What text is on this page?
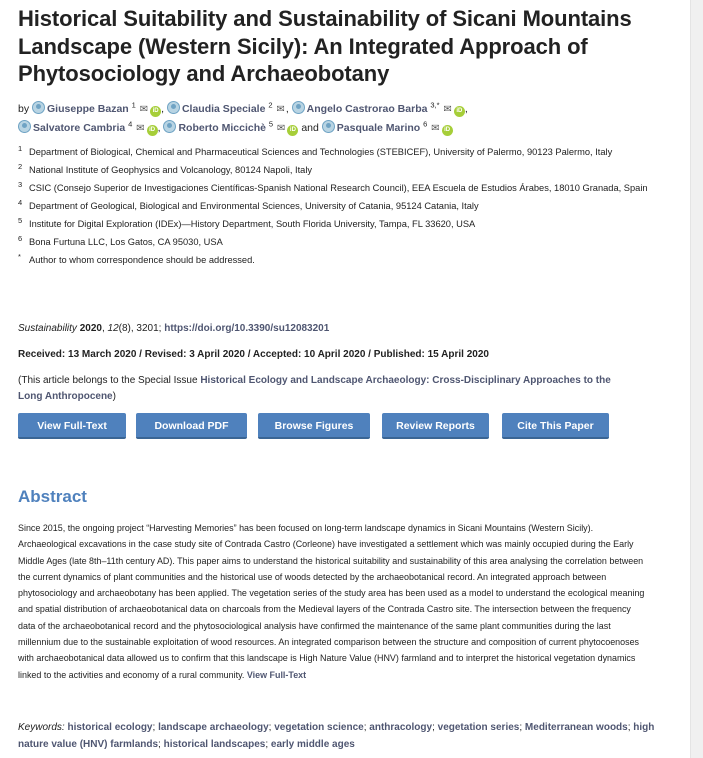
Historical Suitability and Sustainability of Sicani Mountains Landscape (Western Sicily): An Integrated Approach of Phytosociology and Archaeobotany
by Giuseppe Bazan $^1$ ✉ iD , Claudia Speciale $^2$ ✉, Angelo Castrorao Barba $^{3,*}$ ✉ iD ,
Salvatore Cambria $^4$ ✉ iD , Roberto Miccichè $^5$ ✉ iD and Pasquale Marino $^6$ ✉ iD
1 Department of Biological, Chemical and Pharmaceutical Sciences and Technologies (STEBICEF), University of Palermo, 90123 Palermo, Italy
2 National Institute of Geophysics and Volcanology, 80124 Napoli, Italy
3 CSIC (Consejo Superior de Investigaciones Científicas-Spanish National Research Council), EEA Escuela de Estudios Árabes, 18010 Granada, Spain
4 Department of Geological, Biological and Environmental Sciences, University of Catania, 95124 Catania, Italy
5 Institute for Digital Exploration (IDEx)—History Department, South Florida University, Tampa, FL 33620, USA
6 Bona Furtuna LLC, Los Gatos, CA 95030, USA
* Author to whom correspondence should be addressed.
Sustainability 2020, 12(8), 3201; https://doi.org/10.3390/su12083201
Received: 13 March 2020 / Revised: 3 April 2020 / Accepted: 10 April 2020 / Published: 15 April 2020
(This article belongs to the Special Issue Historical Ecology and Landscape Archaeology: Cross-Disciplinary Approaches to the Long Anthropocene)
View Full-Text	Download PDF	Browse Figures	Review Reports	Cite This Paper
Abstract
Since 2015, the ongoing project “Harvesting Memories” has been focused on long-term landscape dynamics in Sicani Mountains (Western Sicily). Archaeological excavations in the case study site of Contrada Castro (Corleone) have investigated a settlement which was mainly occupied during the Early Middle Ages (late 8th–11th century AD). This paper aims to understand the historical suitability and sustainability of this area analysing the correlation between the current dynamics of plant communities and the historical use of woods detected by the archaeobotanical record. An integrated approach between phytosociology and archaeobotany has been applied. The vegetation series of the study area has been used as a model to understand the ecological meaning and spatial distribution of archaeobotanical data on charcoals from the Medieval layers of the Contrada Castro site. The intersection between the frequency data of the archaeobotanical record and the phytosociological analysis have confirmed the maintenance of the same plant communities during the last millennium due to the sustainable exploitation of wood resources. An integrated comparison between the structure and composition of current phytocoenoses with archaeobotanical data allowed us to confirm that this landscape is High Nature Value (HNV) farmland and to interpret the historical vegetation dynamics linked to the activities and economy of a rural community. View Full-Text
Keywords: historical ecology; landscape archaeology; vegetation science; anthracology; vegetation series; Mediterranean woods; high nature value (HNV) farmlands; historical landscapes; early middle ages
